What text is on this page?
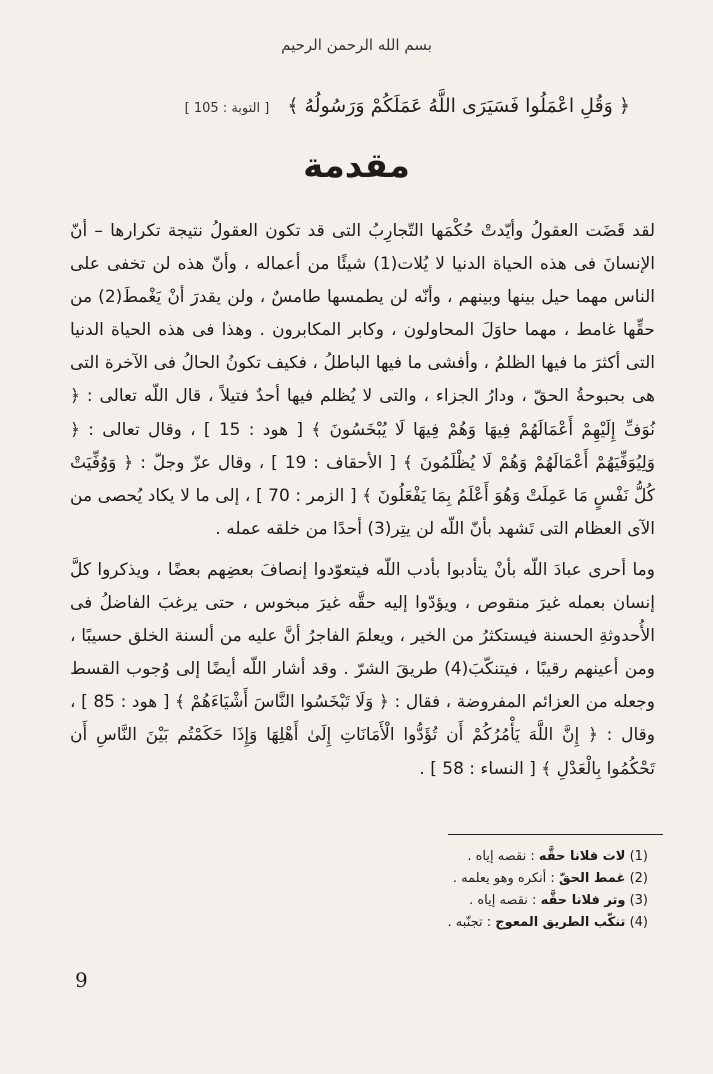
بسم الله الرحمن الرحيم
﴿ وَقُلِ اعْمَلُوا فَسَيَرَى اللَّهُ عَمَلَكُمْ وَرَسُولُهُ ﴾
[ التوبة : 105 ]
مقدمة

لقد قَضَت العقولُ وأيّدتْ حُكْمَها التّجارِبُ التى قد تكون العقولُ نتيجة تكرارها – أنّ الإنسانَ فى هذه الحياة الدنيا لا يُلات(1) شيئًا من أعماله ، وأنّ هذه لن تخفى على الناس مهما حيل بينها وبينهم ، وأنّه لن يطمسها طامسٌ ، ولن يقدرَ أنْ يَغْمطَ(2) من حقِّها غامط ، مهما حاوَلَ المحاولون ، وكابر المكابرون . وهذا فى هذه الحياة الدنيا التى أكثرَ ما فيها الظلمُ ، وأفشى ما فيها الباطلُ ، فكيف تكونُ الحالُ فى الآخرة التى هى بحبوحةُ الحقّ ، ودارُ الجزاء ، والتى لا يُظلم فيها أحدٌ فتيلاً ، قال اللّه تعالى : ﴿ نُوَفِّ إِلَيْهِمْ أَعْمَالَهُمْ فِيهَا وَهُمْ فِيهَا لَا يُبْخَسُونَ ﴾ [ هود : 15 ] ، وقال تعالى : ﴿ وَلِيُوَفِّيَهُمْ أَعْمَالَهُمْ وَهُمْ لَا يُظْلَمُونَ ﴾ [ الأحقاف : 19 ] ، وقال عزّ وجلّ : ﴿ وَوُفِّيَتْ كُلُّ نَفْسٍ مَا عَمِلَتْ وَهُوَ أَعْلَمُ بِمَا يَفْعَلُونَ ﴾ [ الزمر : 70 ] ، إلى ما لا يكاد يُحصى من الآى العظام التى تَشهد بأنّ اللّه لن يتِر(3) أحدًا من خلقه عمله .

وما أحرى عبادَ اللّه بأنْ يتأدبوا بأدب اللّه فيتعوّدوا إنصافَ بعضِهم بعضًا ، ويذكروا كلَّ إنسان بعمله غيرَ منقوص ، ويؤدّوا إليه حقَّه غيرَ مبخوس ، حتى يرغبَ الفاضلُ فى الأُحدوثةِ الحسنة فيستكثرُ من الخير ، ويعلمَ الفاجرُ أنَّ عليه من ألسنة الخلق حسيبًا ، ومن أعينهم رقيبًا ، فيتنكّبَ(4) طريقَ الشرّ . وقد أشار اللّه أيضًا إلى وُجوب القسط وجعله من العزائم المفروضة ، فقال : ﴿ وَلَا تَبْخَسُوا النَّاسَ أَشْيَاءَهُمْ ﴾ [ هود : 85 ] ، وقال : ﴿ إِنَّ اللَّهَ يَأْمُرُكُمْ أَن تُؤَدُّوا الْأَمَانَاتِ إِلَىٰ أَهْلِهَا وَإِذَا حَكَمْتُم بَيْنَ النَّاسِ أَن تَحْكُمُوا بِالْعَدْلِ ﴾ [ النساء : 58 ] .

(1) لات فلانا حقَّه : نقصه إياه .
(2) غمط الحقّ : أنكره وهو يعلمه .
(3) وتر فلانا حقَّه : نقصه إياه .
(4) تنكّب الطريق المعوج : تجنّبه .
9
